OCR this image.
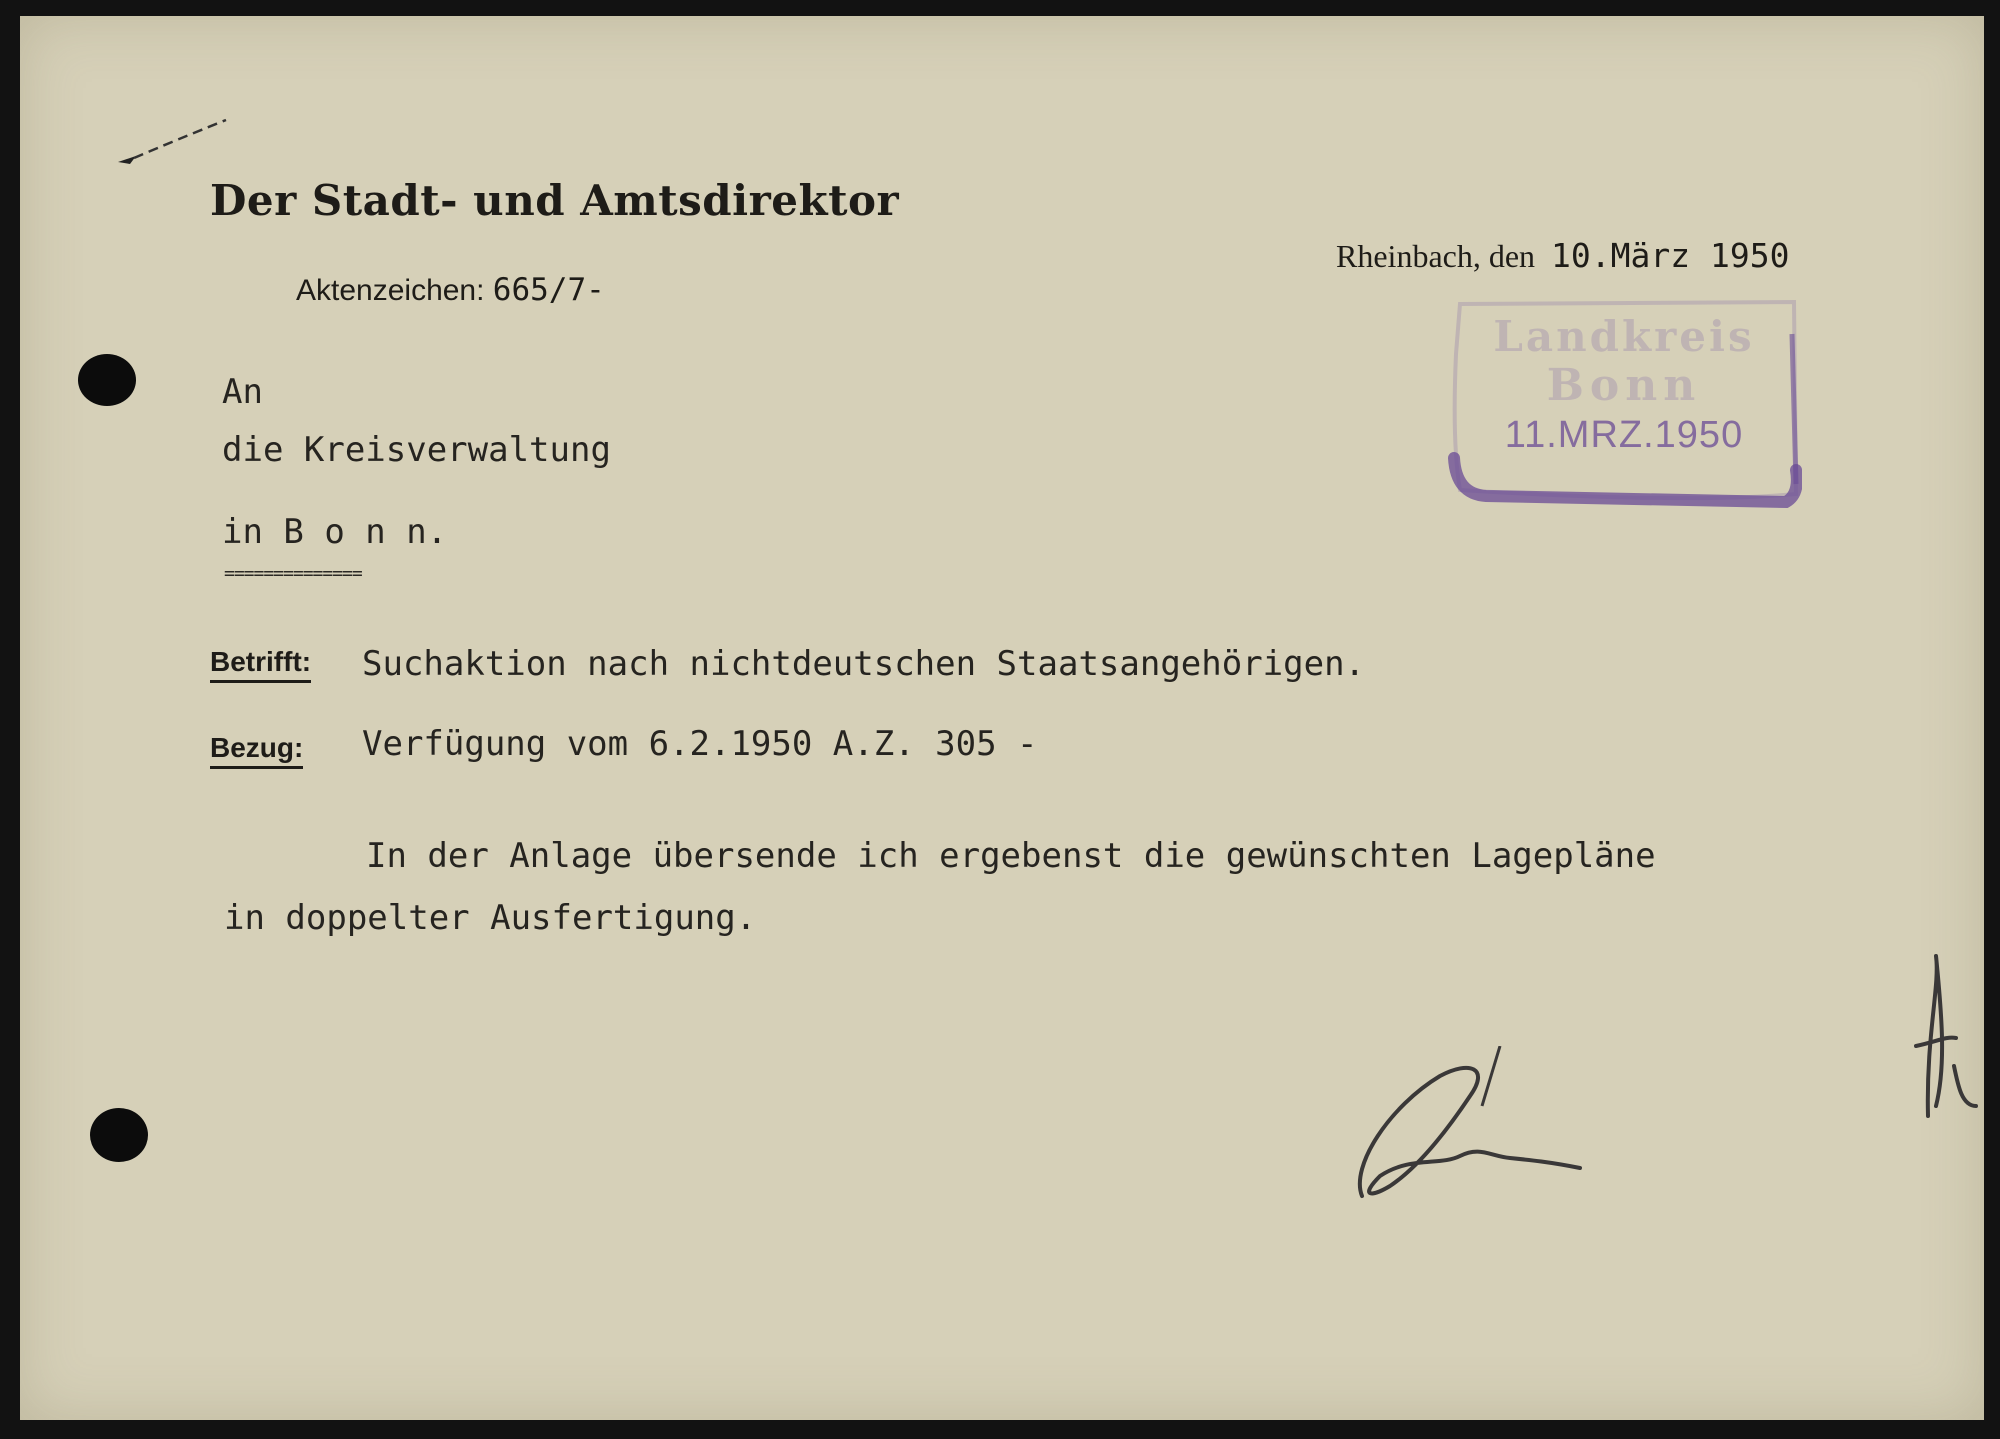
Der Stadt- und Amtsdirektor
Aktenzeichen: 665/7-
Rheinbach, den 10.März 1950
Landkreis
Bonn
11.MRZ.1950
An
die Kreisverwaltung
in B o n n.
==============
Betrifft: Suchaktion nach nichtdeutschen Staatsangehörigen.
Bezug: Verfügung vom 6.2.1950 A.Z. 305 -
In der Anlage übersende ich ergebenst die gewünschten Lagepläne
in doppelter Ausfertigung.
